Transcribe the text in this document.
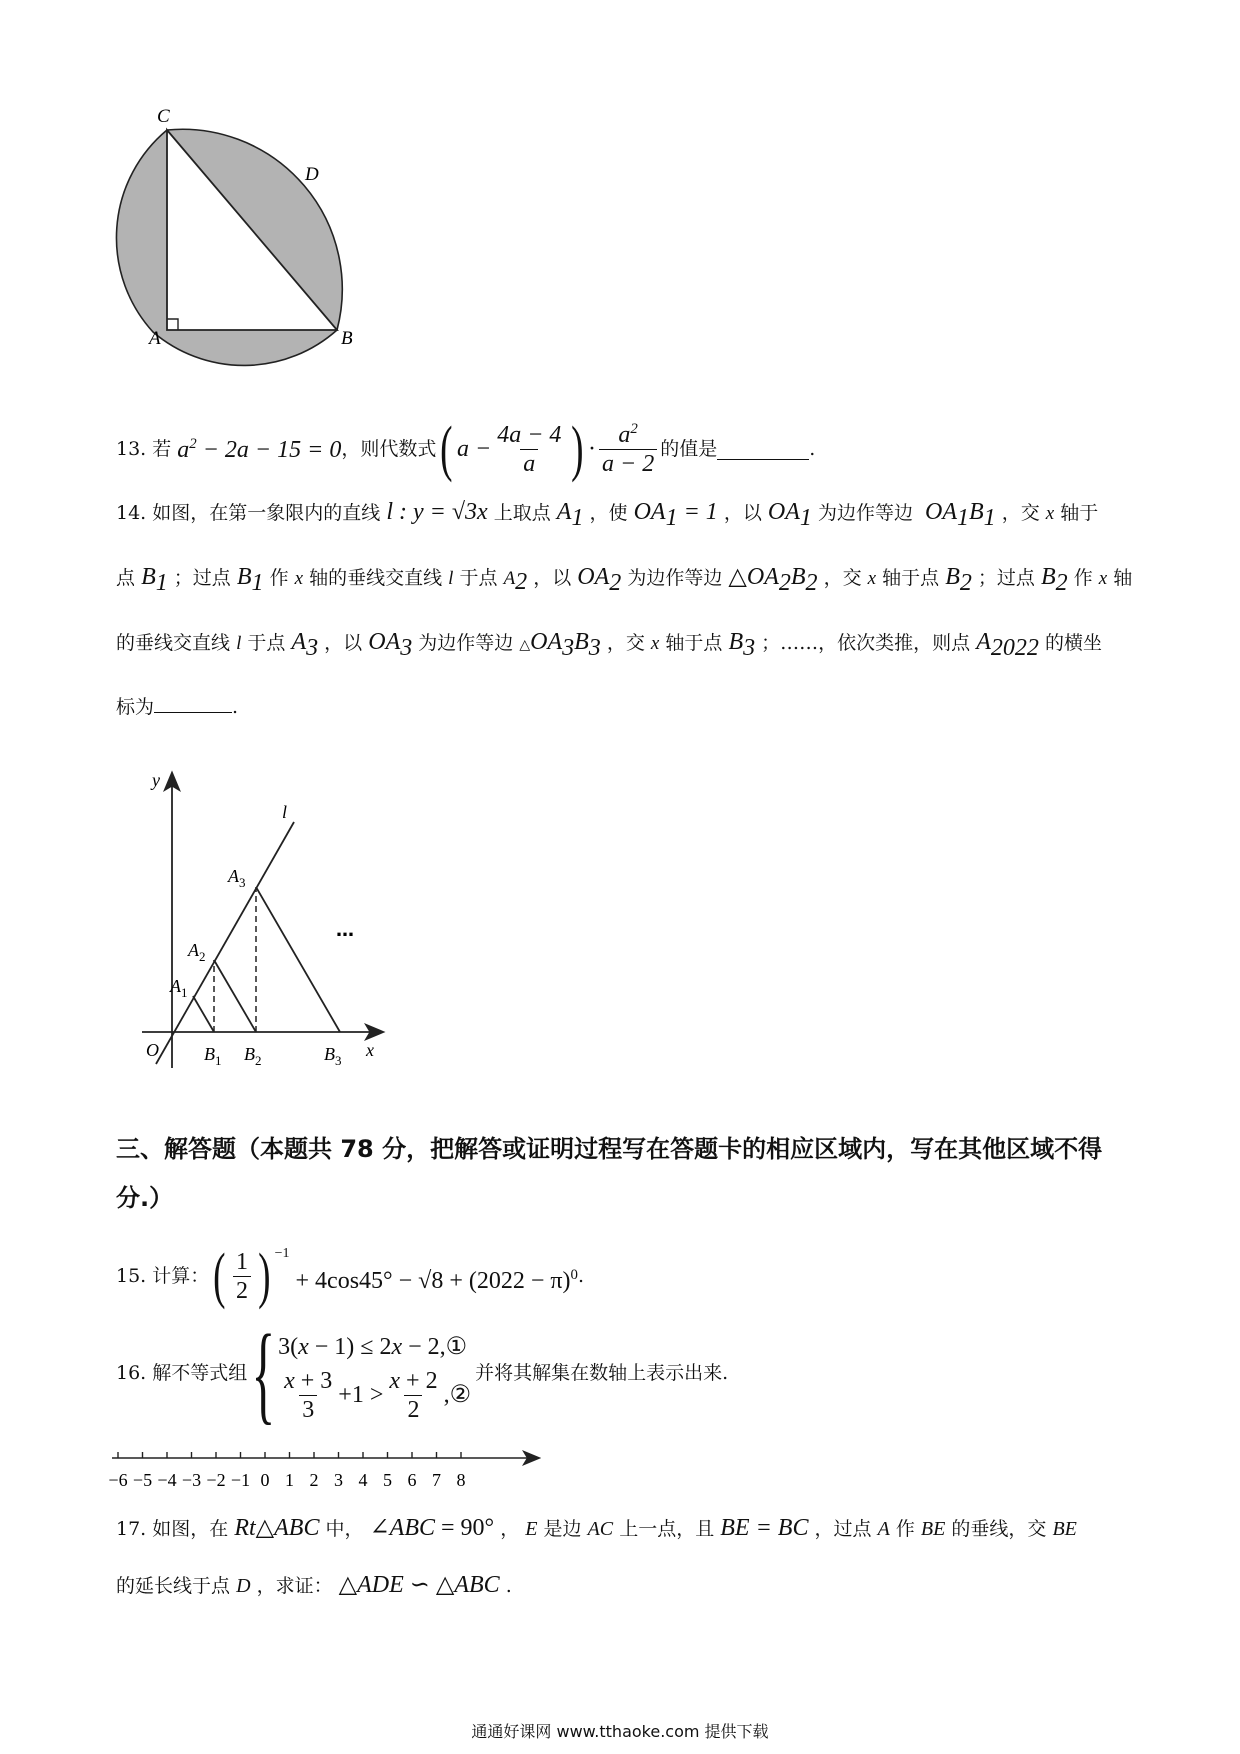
C
D
A	B
13.
若 $a^2 - 2a - 15 = 0$ ，则代数式 ( $a - \frac{4a - 4}{a}$ ) · $\frac{a^2}{a - 2}$ 的值是	.
14. 如图，在第一象限内的直线 l : y = √3x 上取点 $A_1$ ，使 $OA_1 = 1$ ，以 $OA_1$ 为边作等边  $OA_1B_1$ ，交 x 轴于
点 $B_1$ ；过点 $B_1$ 作 x 轴的垂线交直线 l 于点 $A_2$ ，以 $OA_2$ 为边作等边 $\triangle OA_2B_2$ ，交 x 轴于点 $B_2$ ；过点 $B_2$ 作 x 轴
的垂线交直线 l 于点 $A_3$ ，以 $OA_3$ 为边作等边 $\triangle OA_3B_3$ ，交 x 轴于点 $B_3$ ；……，依次类推，则点 $A_{2022}$ 的横坐
标为	.
y
x
l
O
$A_1$
$A_2$
$A_3$
$B_1$ $B_2$	$B_3$
…
三、解答题（本题共 78 分，把解答或证明过程写在答题卡的相应区域内，写在其他区域不得
分.）
15.
计算： ( $\frac{1}{2}$ ) $^{-1} + 4\cos 45^\circ - √8 + (2022 - \pi)^0$ .
16.
解不等式组 { 3(x − 1) ≤ 2x − 2,①
$\frac{x + 3}{3} +1 > \frac{x + 2}{2}$ , ②
并将其解集在数轴上表示出来.
−6 −5 −4 −3 −2 −1 0 1 2 3 4 5 6 7 8
17. 如图，在 Rt△ABC 中， ∠ABC = 90° ， E 是边 AC 上一点，且 BE = BC ，过点 A 作 BE 的垂线，交 BE
的延长线于点 D ，求证： △ADE ∽ △ABC .
通通好课网 www.tthaoke.com 提供下载
